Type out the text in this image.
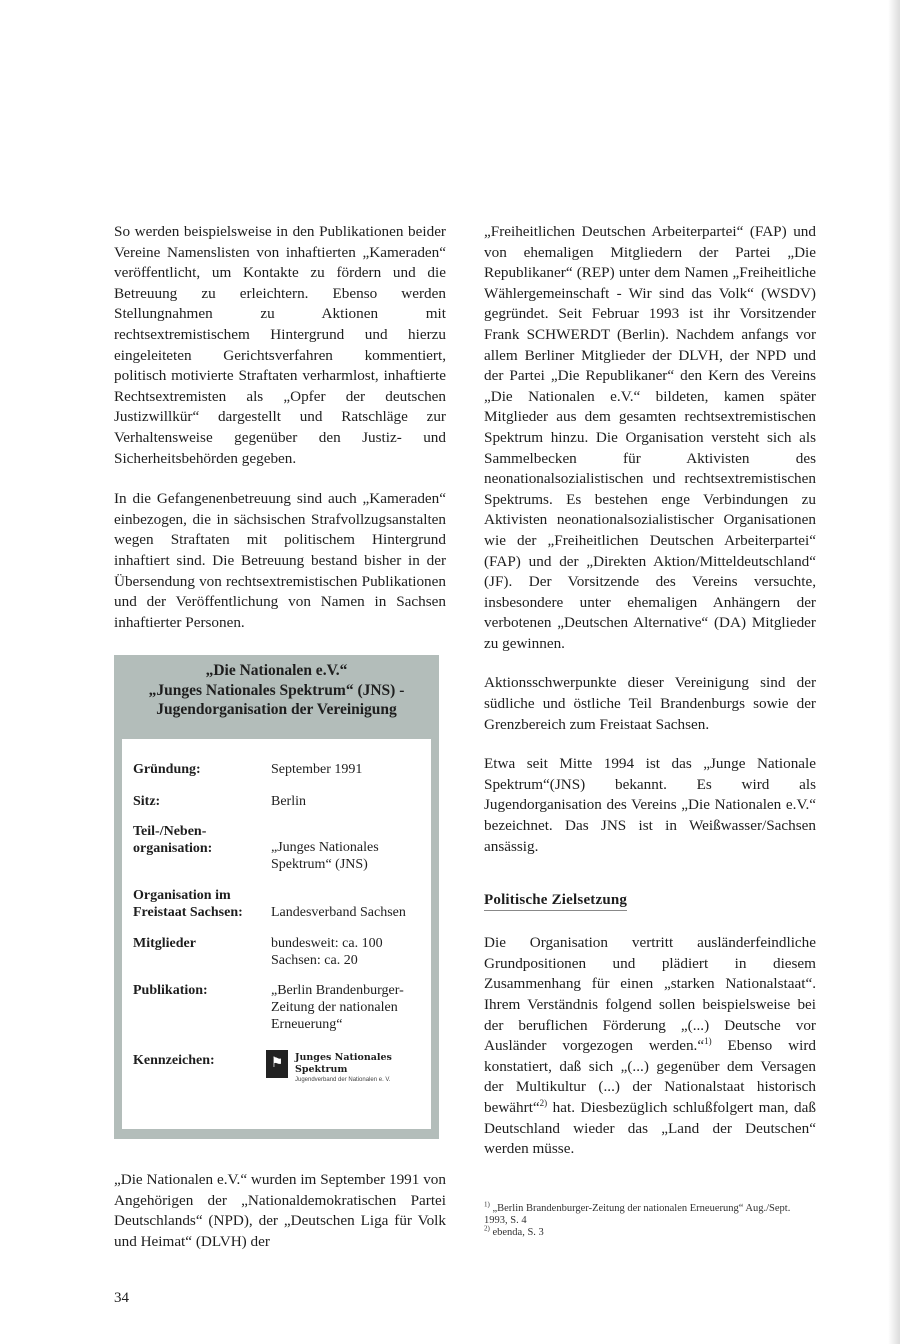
So werden beispielsweise in den Publikationen beider Vereine Namenslisten von inhaftierten „Kameraden“ veröffentlicht, um Kontakte zu fördern und die Betreuung zu erleichtern. Ebenso werden Stellungnahmen zu Aktionen mit rechtsextremistischem Hintergrund und hierzu eingeleiteten Gerichtsverfahren kommentiert, politisch motivierte Straftaten verharmlost, inhaftierte Rechtsextremisten als „Opfer der deutschen Justizwillkür“ dargestellt und Ratschläge zur Verhaltensweise gegenüber den Justiz- und Sicherheitsbehörden gegeben.

In die Gefangenenbetreuung sind auch „Kameraden“ einbezogen, die in sächsischen Strafvollzugsanstalten wegen Straftaten mit politischem Hintergrund inhaftiert sind. Die Betreuung bestand bisher in der Übersendung von rechtsextremistischen Publikationen und der Veröffentlichung von Namen in Sachsen inhaftierter Personen.

„Die Nationalen e.V.“
„Junges Nationales Spektrum“ (JNS) -
Jugendorganisation der Vereinigung
Gründung:	September 1991
Sitz:	Berlin
Teil-/Neben-organisation:	„Junges Nationales Spektrum“ (JNS)
Organisation im Freistaat Sachsen:	Landesverband Sachsen
Mitglieder	bundesweit: ca. 100 Sachsen: ca. 20
Publikation:	„Berlin Brandenburger-Zeitung der nationalen Erneuerung“
Kennzeichen:	⚑	Junges Nationales Spektrum
Jugendverband der Nationalen e. V.

„Die Nationalen e.V.“ wurden im September 1991 von Angehörigen der „Nationaldemokratischen Partei Deutschlands“ (NPD), der „Deutschen Liga für Volk und Heimat“ (DLVH) der

„Freiheitlichen Deutschen Arbeiterpartei“ (FAP) und von ehemaligen Mitgliedern der Partei „Die Republikaner“ (REP) unter dem Namen „Freiheitliche Wählergemeinschaft - Wir sind das Volk“ (WSDV) gegründet. Seit Februar 1993 ist ihr Vorsitzender Frank SCHWERDT (Berlin). Nachdem anfangs vor allem Berliner Mitglieder der DLVH, der NPD und der Partei „Die Republikaner“ den Kern des Vereins „Die Nationalen e.V.“ bildeten, kamen später Mitglieder aus dem gesamten rechtsextremistischen Spektrum hinzu. Die Organisation versteht sich als Sammelbecken für Aktivisten des neonationalsozialistischen und rechtsextremistischen Spektrums. Es bestehen enge Verbindungen zu Aktivisten neonationalsozialistischer Organisationen wie der „Freiheitlichen Deutschen Arbeiterpartei“ (FAP) und der „Direkten Aktion/Mitteldeutschland“ (JF). Der Vorsitzende des Vereins versuchte, insbesondere unter ehemaligen Anhängern der verbotenen „Deutschen Alternative“ (DA) Mitglieder zu gewinnen.

Aktionsschwerpunkte dieser Vereinigung sind der südliche und östliche Teil Brandenburgs sowie der Grenzbereich zum Freistaat Sachsen.

Etwa seit Mitte 1994 ist das „Junge Nationale Spektrum“(JNS) bekannt. Es wird als Jugendorganisation des Vereins „Die Nationalen e.V.“ bezeichnet. Das JNS ist in Weißwasser/Sachsen ansässig.

Politische Zielsetzung

Die Organisation vertritt ausländerfeindliche Grundpositionen und plädiert in diesem Zusammenhang für einen „starken Nationalstaat“. Ihrem Verständnis folgend sollen beispielsweise bei der beruflichen Förderung „(...) Deutsche vor Ausländer vorgezogen werden.“$^{1)}$ Ebenso wird konstatiert, daß sich „(...) gegenüber dem Versagen der Multikultur (...) der Nationalstaat historisch bewährt“$^{2)}$ hat. Diesbezüglich schlußfolgert man, daß Deutschland wieder das „Land der Deutschen“ werden müsse.

$^{1)}$ „Berlin Brandenburger-Zeitung der nationalen Erneuerung“ Aug./Sept. 1993, S. 4
$^{2)}$ ebenda, S. 3
34
